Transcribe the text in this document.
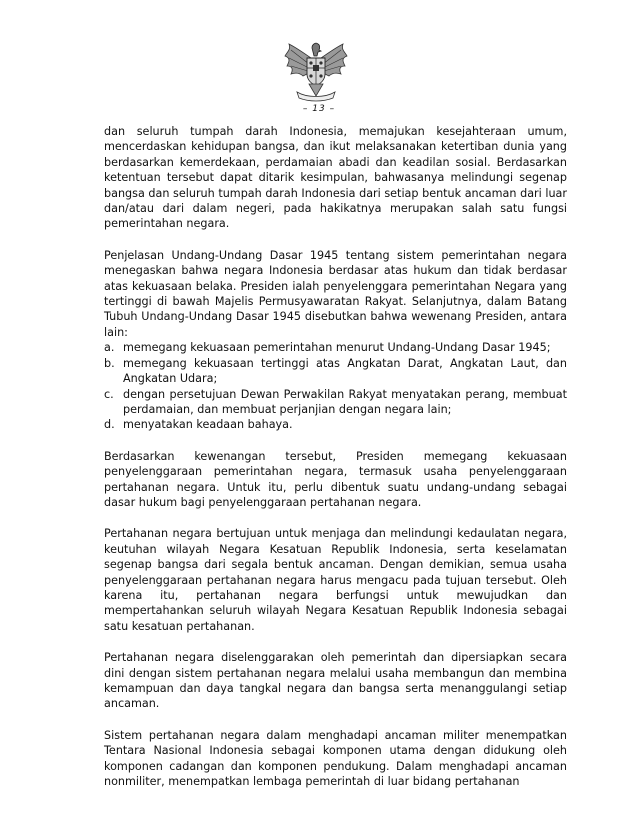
– 13 –

dan seluruh tumpah darah Indonesia, memajukan kesejahteraan umum, mencerdaskan kehidupan bangsa, dan ikut melaksanakan ketertiban dunia yang berdasarkan kemerdekaan, perdamaian abadi dan keadilan sosial. Berdasarkan ketentuan tersebut dapat ditarik kesimpulan, bahwasanya melindungi segenap bangsa dan seluruh tumpah darah Indonesia dari setiap bentuk ancaman dari luar dan/atau dari dalam negeri, pada hakikatnya merupakan salah satu fungsi pemerintahan negara.

Penjelasan Undang-Undang Dasar 1945 tentang sistem pemerintahan negara menegaskan bahwa negara Indonesia berdasar atas hukum dan tidak berdasar atas kekuasaan belaka. Presiden ialah penyelenggara pemerintahan Negara yang tertinggi di bawah Majelis Permusyawaratan Rakyat. Selanjutnya, dalam Batang Tubuh Undang-Undang Dasar 1945 disebutkan bahwa wewenang Presiden, antara lain:

a. memegang kekuasaan pemerintahan menurut Undang-Undang Dasar 1945;
b. memegang kekuasaan tertinggi atas Angkatan Darat, Angkatan Laut, dan Angkatan Udara;
c. dengan persetujuan Dewan Perwakilan Rakyat menyatakan perang, membuat perdamaian, dan membuat perjanjian dengan negara lain;
d. menyatakan keadaan bahaya.

Berdasarkan kewenangan tersebut, Presiden memegang kekuasaan penyelenggaraan pemerintahan negara, termasuk usaha penyelenggaraan pertahanan negara. Untuk itu, perlu dibentuk suatu undang-undang sebagai dasar hukum bagi penyelenggaraan pertahanan negara.

Pertahanan negara bertujuan untuk menjaga dan melindungi kedaulatan negara, keutuhan wilayah Negara Kesatuan Republik Indonesia, serta keselamatan segenap bangsa dari segala bentuk ancaman. Dengan demikian, semua usaha penyelenggaraan pertahanan negara harus mengacu pada tujuan tersebut. Oleh karena itu, pertahanan negara berfungsi untuk mewujudkan dan mempertahankan seluruh wilayah Negara Kesatuan Republik Indonesia sebagai satu kesatuan pertahanan.

Pertahanan negara diselenggarakan oleh pemerintah dan dipersiapkan secara dini dengan sistem pertahanan negara melalui usaha membangun dan membina kemampuan dan daya tangkal negara dan bangsa serta menanggulangi setiap ancaman.

Sistem pertahanan negara dalam menghadapi ancaman militer menempatkan Tentara Nasional Indonesia sebagai komponen utama dengan didukung oleh komponen cadangan dan komponen pendukung. Dalam menghadapi ancaman nonmiliter, menempatkan lembaga pemerintah di luar bidang pertahanan
